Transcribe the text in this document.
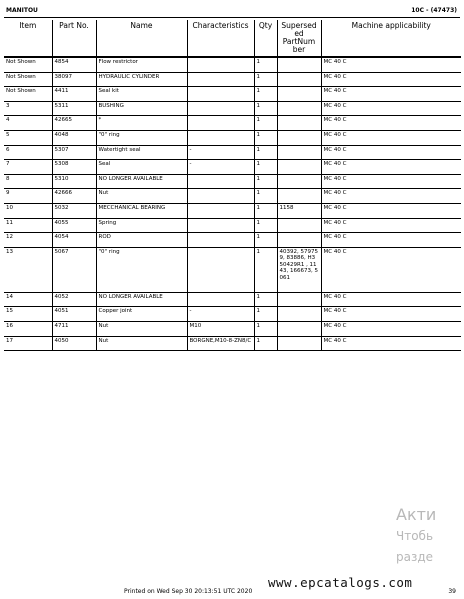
MANITOU	10C - (47473)
Item	Part No.	Name	Characteristics	Qty	Supersed ed PartNum ber	Machine applicability
Not Shown	4854	Flow restrictor		1		MC 40 C
Not Shown	38097	HYDRAULIC CYLINDER		1		MC 40 C
Not Shown	4411	Seal kit		1		MC 40 C
3	5311	BUSHING		1		MC 40 C
4	42665	*		1		MC 40 C
5	4048	"0" ring		1		MC 40 C
6	5307	Watertight seal	-	1		MC 40 C
7	5308	Seal	-	1		MC 40 C
8	5310	NO LONGER AVAILABLE		1		MC 40 C
9	42666	Nut		1		MC 40 C
10	5032	MECCHANICAL BEARING		1	1158	MC 40 C
11	4055	Spring		1		MC 40 C
12	4054	ROD		1		MC 40 C
13	5067	"0" ring		1	40392, 579759, 83886, H350429R1 , 1143, 166673, 5061	MC 40 C
14	4052	NO LONGER AVAILABLE		1		MC 40 C
15	4051	Copper joint	-	1		MC 40 C
16	4711	Nut	M10	1		MC 40 C
17	4050	Nut	BORGNE,M10-8-ZN8/C	1		MC 40 C
www.epcatalogs.com
Printed on Wed Sep 30 20:13:51 UTC 2020	39
Акти
Чтобь
разде
